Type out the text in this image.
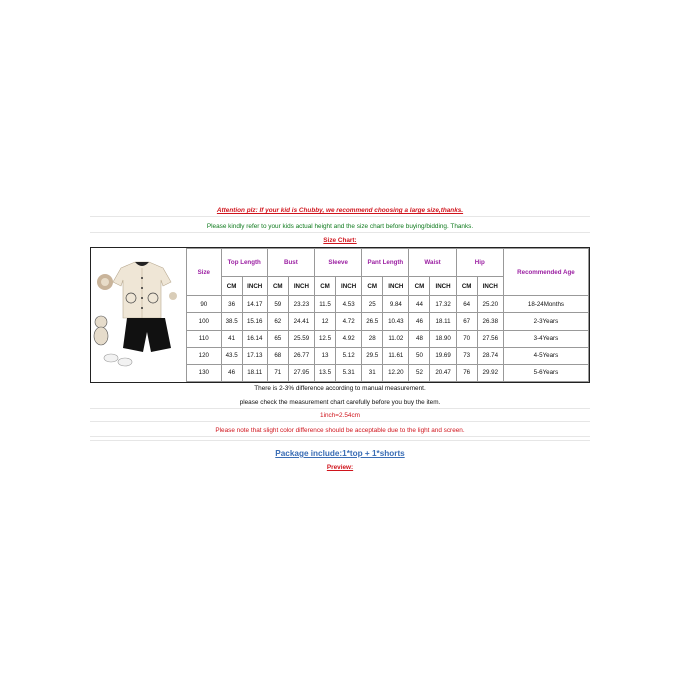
Attention plz: If your kid is Chubby, we recommend choosing a large size,thanks.
Please kindly refer to your kids actual height and the size chart before buying/bidding. Thanks.
Size Chart:
Size	Top Length		Bust		Sleeve		Pant Length		Waist		Hip		Recommended Age
	CM	INCH	CM	INCH	CM	INCH	CM	INCH	CM	INCH	CM	INCH	
90	36	14.17	59	23.23	11.5	4.53	25	9.84	44	17.32	64	25.20	18-24Months
100	38.5	15.16	62	24.41	12	4.72	26.5	10.43	46	18.11	67	26.38	2-3Years
110	41	16.14	65	25.59	12.5	4.92	28	11.02	48	18.90	70	27.56	3-4Years
120	43.5	17.13	68	26.77	13	5.12	29.5	11.61	50	19.69	73	28.74	4-5Years
130	46	18.11	71	27.95	13.5	5.31	31	12.20	52	20.47	76	29.92	5-6Years
There is 2-3% difference according to manual measurement.
please check the measurement chart carefully before you buy the item.
1inch=2.54cm
Please note that slight color difference should be acceptable due to the light and screen.
Package include:1*top + 1*shorts
Preview:
